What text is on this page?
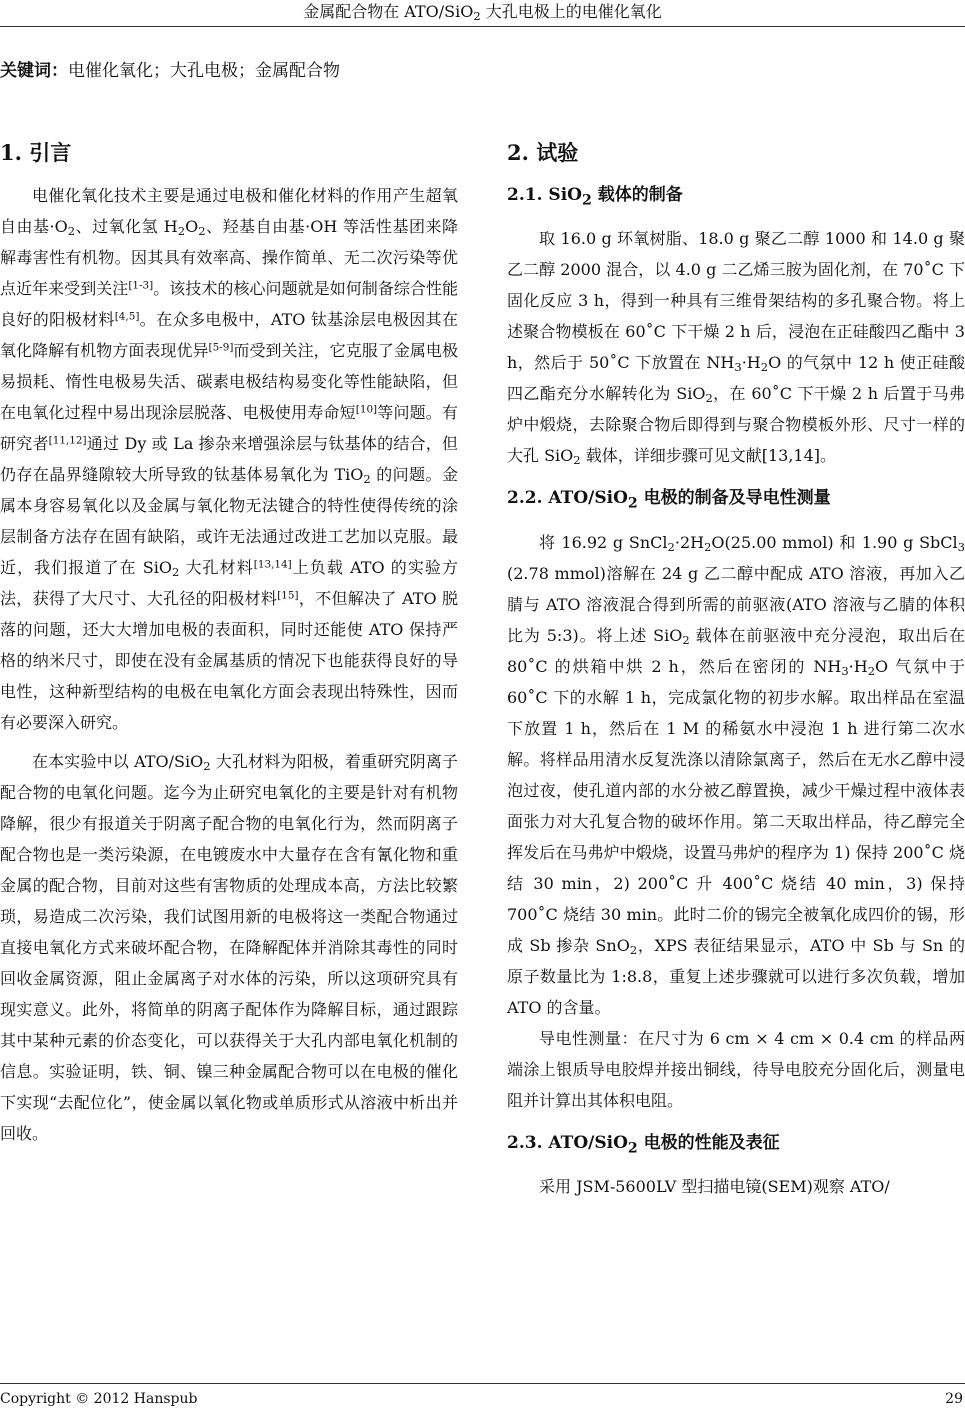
金属配合物在 ATO/SiO$_2$ 大孔电极上的电催化氧化
关键词：电催化氧化；大孔电极；金属配合物
1. 引言

电催化氧化技术主要是通过电极和催化材料的作用产生超氧自由基$\cdot O_2$、过氧化氢 $H_2O_2$、羟基自由基·OH 等活性基团来降解毒害性有机物。因其具有效率高、操作简单、无二次污染等优点近年来受到关注[1-3]。该技术的核心问题就是如何制备综合性能良好的阳极材料[4,5]。在众多电极中，ATO 钛基涂层电极因其在氧化降解有机物方面表现优异[5-9]而受到关注，它克服了金属电极易损耗、惰性电极易失活、碳素电极结构易变化等性能缺陷，但在电氧化过程中易出现涂层脱落、电极使用寿命短[10]等问题。有研究者[11,12]通过 Dy 或 La 掺杂来增强涂层与钛基体的结合，但仍存在晶界缝隙较大所导致的钛基体易氧化为 TiO$_2$ 的问题。金属本身容易氧化以及金属与氧化物无法键合的特性使得传统的涂层制备方法存在固有缺陷，或许无法通过改进工艺加以克服。最近，我们报道了在 SiO$_2$ 大孔材料[13,14]上负载 ATO 的实验方法，获得了大尺寸、大孔径的阳极材料[15]，不但解决了 ATO 脱落的问题，还大大增加电极的表面积，同时还能使 ATO 保持严格的纳米尺寸，即使在没有金属基质的情况下也能获得良好的导电性，这种新型结构的电极在电氧化方面会表现出特殊性，因而有必要深入研究。

在本实验中以 ATO/SiO$_2$ 大孔材料为阳极，着重研究阴离子配合物的电氧化问题。迄今为止研究电氧化的主要是针对有机物降解，很少有报道关于阴离子配合物的电氧化行为，然而阴离子配合物也是一类污染源，在电镀废水中大量存在含有氰化物和重金属的配合物，目前对这些有害物质的处理成本高，方法比较繁琐，易造成二次污染，我们试图用新的电极将这一类配合物通过直接电氧化方式来破坏配合物，在降解配体并消除其毒性的同时回收金属资源，阻止金属离子对水体的污染，所以这项研究具有现实意义。此外，将简单的阴离子配体作为降解目标，通过跟踪其中某种元素的价态变化，可以获得关于大孔内部电氧化机制的信息。实验证明，铁、铜、镍三种金属配合物可以在电极的催化下实现“去配位化”，使金属以氧化物或单质形式从溶液中析出并回收。

2. 试验
2.1. SiO$_2$ 载体的制备

取 16.0 g 环氧树脂、18.0 g 聚乙二醇 1000 和 14.0 g 聚乙二醇 2000 混合，以 4.0 g 二乙烯三胺为固化剂，在 70˚C 下固化反应 3 h，得到一种具有三维骨架结构的多孔聚合物。将上述聚合物模板在 60˚C 下干燥 2 h 后，浸泡在正硅酸四乙酯中 3 h，然后于 50˚C 下放置在 $NH_3\cdot H_2O$ 的气氛中 12 h 使正硅酸四乙酯充分水解转化为 SiO$_2$，在 60˚C 下干燥 2 h 后置于马弗炉中煅烧，去除聚合物后即得到与聚合物模板外形、尺寸一样的大孔 SiO$_2$ 载体，详细步骤可见文献[13,14]。

2.2. ATO/SiO$_2$ 电极的制备及导电性测量

将 16.92 g $SnCl_2\cdot 2H_2O(25.00$ mmol) 和 1.90 g SbCl$_3$ (2.78 mmol)溶解在 24 g 乙二醇中配成 ATO 溶液，再加入乙腈与 ATO 溶液混合得到所需的前驱液(ATO 溶液与乙腈的体积比为 5:3)。将上述 SiO$_2$ 载体在前驱液中充分浸泡，取出后在 80˚C 的烘箱中烘 2 h，然后在密闭的 $NH_3\cdot H_2O$ 气氛中于 60˚C 下的水解 1 h，完成氯化物的初步水解。取出样品在室温下放置 1 h，然后在 1 M 的稀氨水中浸泡 1 h 进行第二次水解。将样品用清水反复洗涤以清除氯离子，然后在无水乙醇中浸泡过夜，使孔道内部的水分被乙醇置换，减少干燥过程中液体表面张力对大孔复合物的破坏作用。第二天取出样品，待乙醇完全挥发后在马弗炉中煅烧，设置马弗炉的程序为 1) 保持 200˚C 烧结 30 min，2) 200˚C 升 400˚C 烧结 40 min，3) 保持 700˚C 烧结 30 min。此时二价的锡完全被氧化成四价的锡，形成 Sb 掺杂 SnO$_2$，XPS 表征结果显示，ATO 中 Sb 与 Sn 的原子数量比为 1:8.8，重复上述步骤就可以进行多次负载，增加 ATO 的含量。

导电性测量：在尺寸为 6 cm × 4 cm × 0.4 cm 的样品两端涂上银质导电胶焊并接出铜线，待导电胶充分固化后，测量电阻并计算出其体积电阻。

2.3. ATO/SiO$_2$ 电极的性能及表征

采用 JSM-5600LV 型扫描电镜(SEM)观察 ATO/

Copyright © 2012 Hanspub	29
